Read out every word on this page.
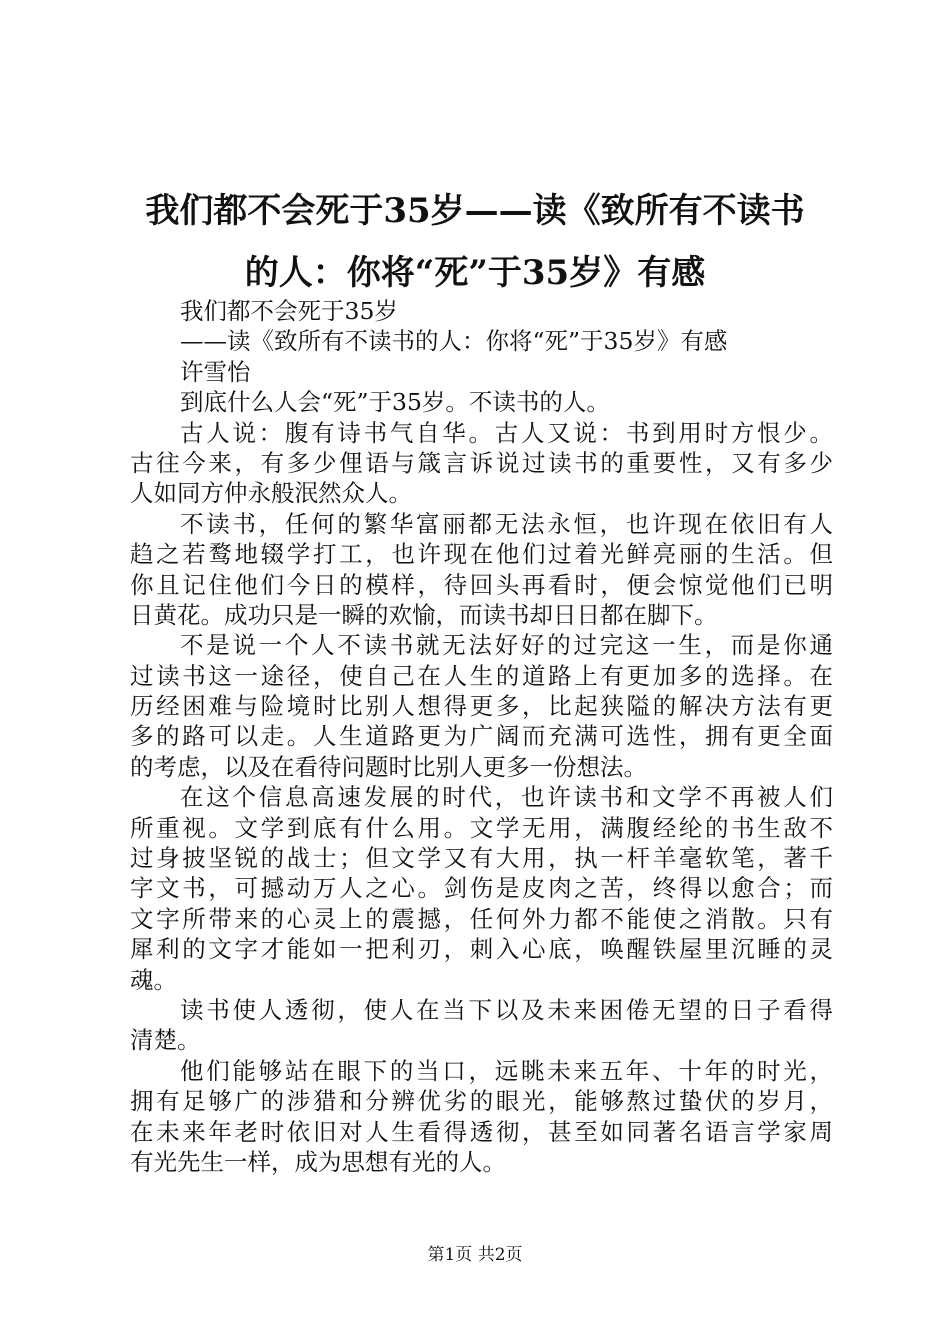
我们都不会死于35岁——读《致所有不读书
的人：你将“死”于35岁》有感
我们都不会死于35岁
——读《致所有不读书的人：你将“死”于35岁》有感
许雪怡
到底什么人会“死”于35岁。不读书的人。
古人说：腹有诗书气自华。古人又说：书到用时方恨少。
古往今来，有多少俚语与箴言诉说过读书的重要性，又有多少
人如同方仲永般泯然众人。
不读书，任何的繁华富丽都无法永恒，也许现在依旧有人
趋之若鹜地辍学打工，也许现在他们过着光鲜亮丽的生活。但
你且记住他们今日的模样，待回头再看时，便会惊觉他们已明
日黄花。成功只是一瞬的欢愉，而读书却日日都在脚下。
不是说一个人不读书就无法好好的过完这一生，而是你通
过读书这一途径，使自己在人生的道路上有更加多的选择。在
历经困难与险境时比别人想得更多，比起狭隘的解决方法有更
多的路可以走。人生道路更为广阔而充满可选性，拥有更全面
的考虑，以及在看待问题时比别人更多一份想法。
在这个信息高速发展的时代，也许读书和文学不再被人们
所重视。文学到底有什么用。文学无用，满腹经纶的书生敌不
过身披坚锐的战士；但文学又有大用，执一杆羊毫软笔，著千
字文书，可撼动万人之心。剑伤是皮肉之苦，终得以愈合；而
文字所带来的心灵上的震撼，任何外力都不能使之消散。只有
犀利的文字才能如一把利刃，刺入心底，唤醒铁屋里沉睡的灵
魂。
读书使人透彻，使人在当下以及未来困倦无望的日子看得
清楚。
他们能够站在眼下的当口，远眺未来五年、十年的时光，
拥有足够广的涉猎和分辨优劣的眼光，能够熬过蛰伏的岁月，
在未来年老时依旧对人生看得透彻，甚至如同著名语言学家周
有光先生一样，成为思想有光的人。
第1页 共2页
